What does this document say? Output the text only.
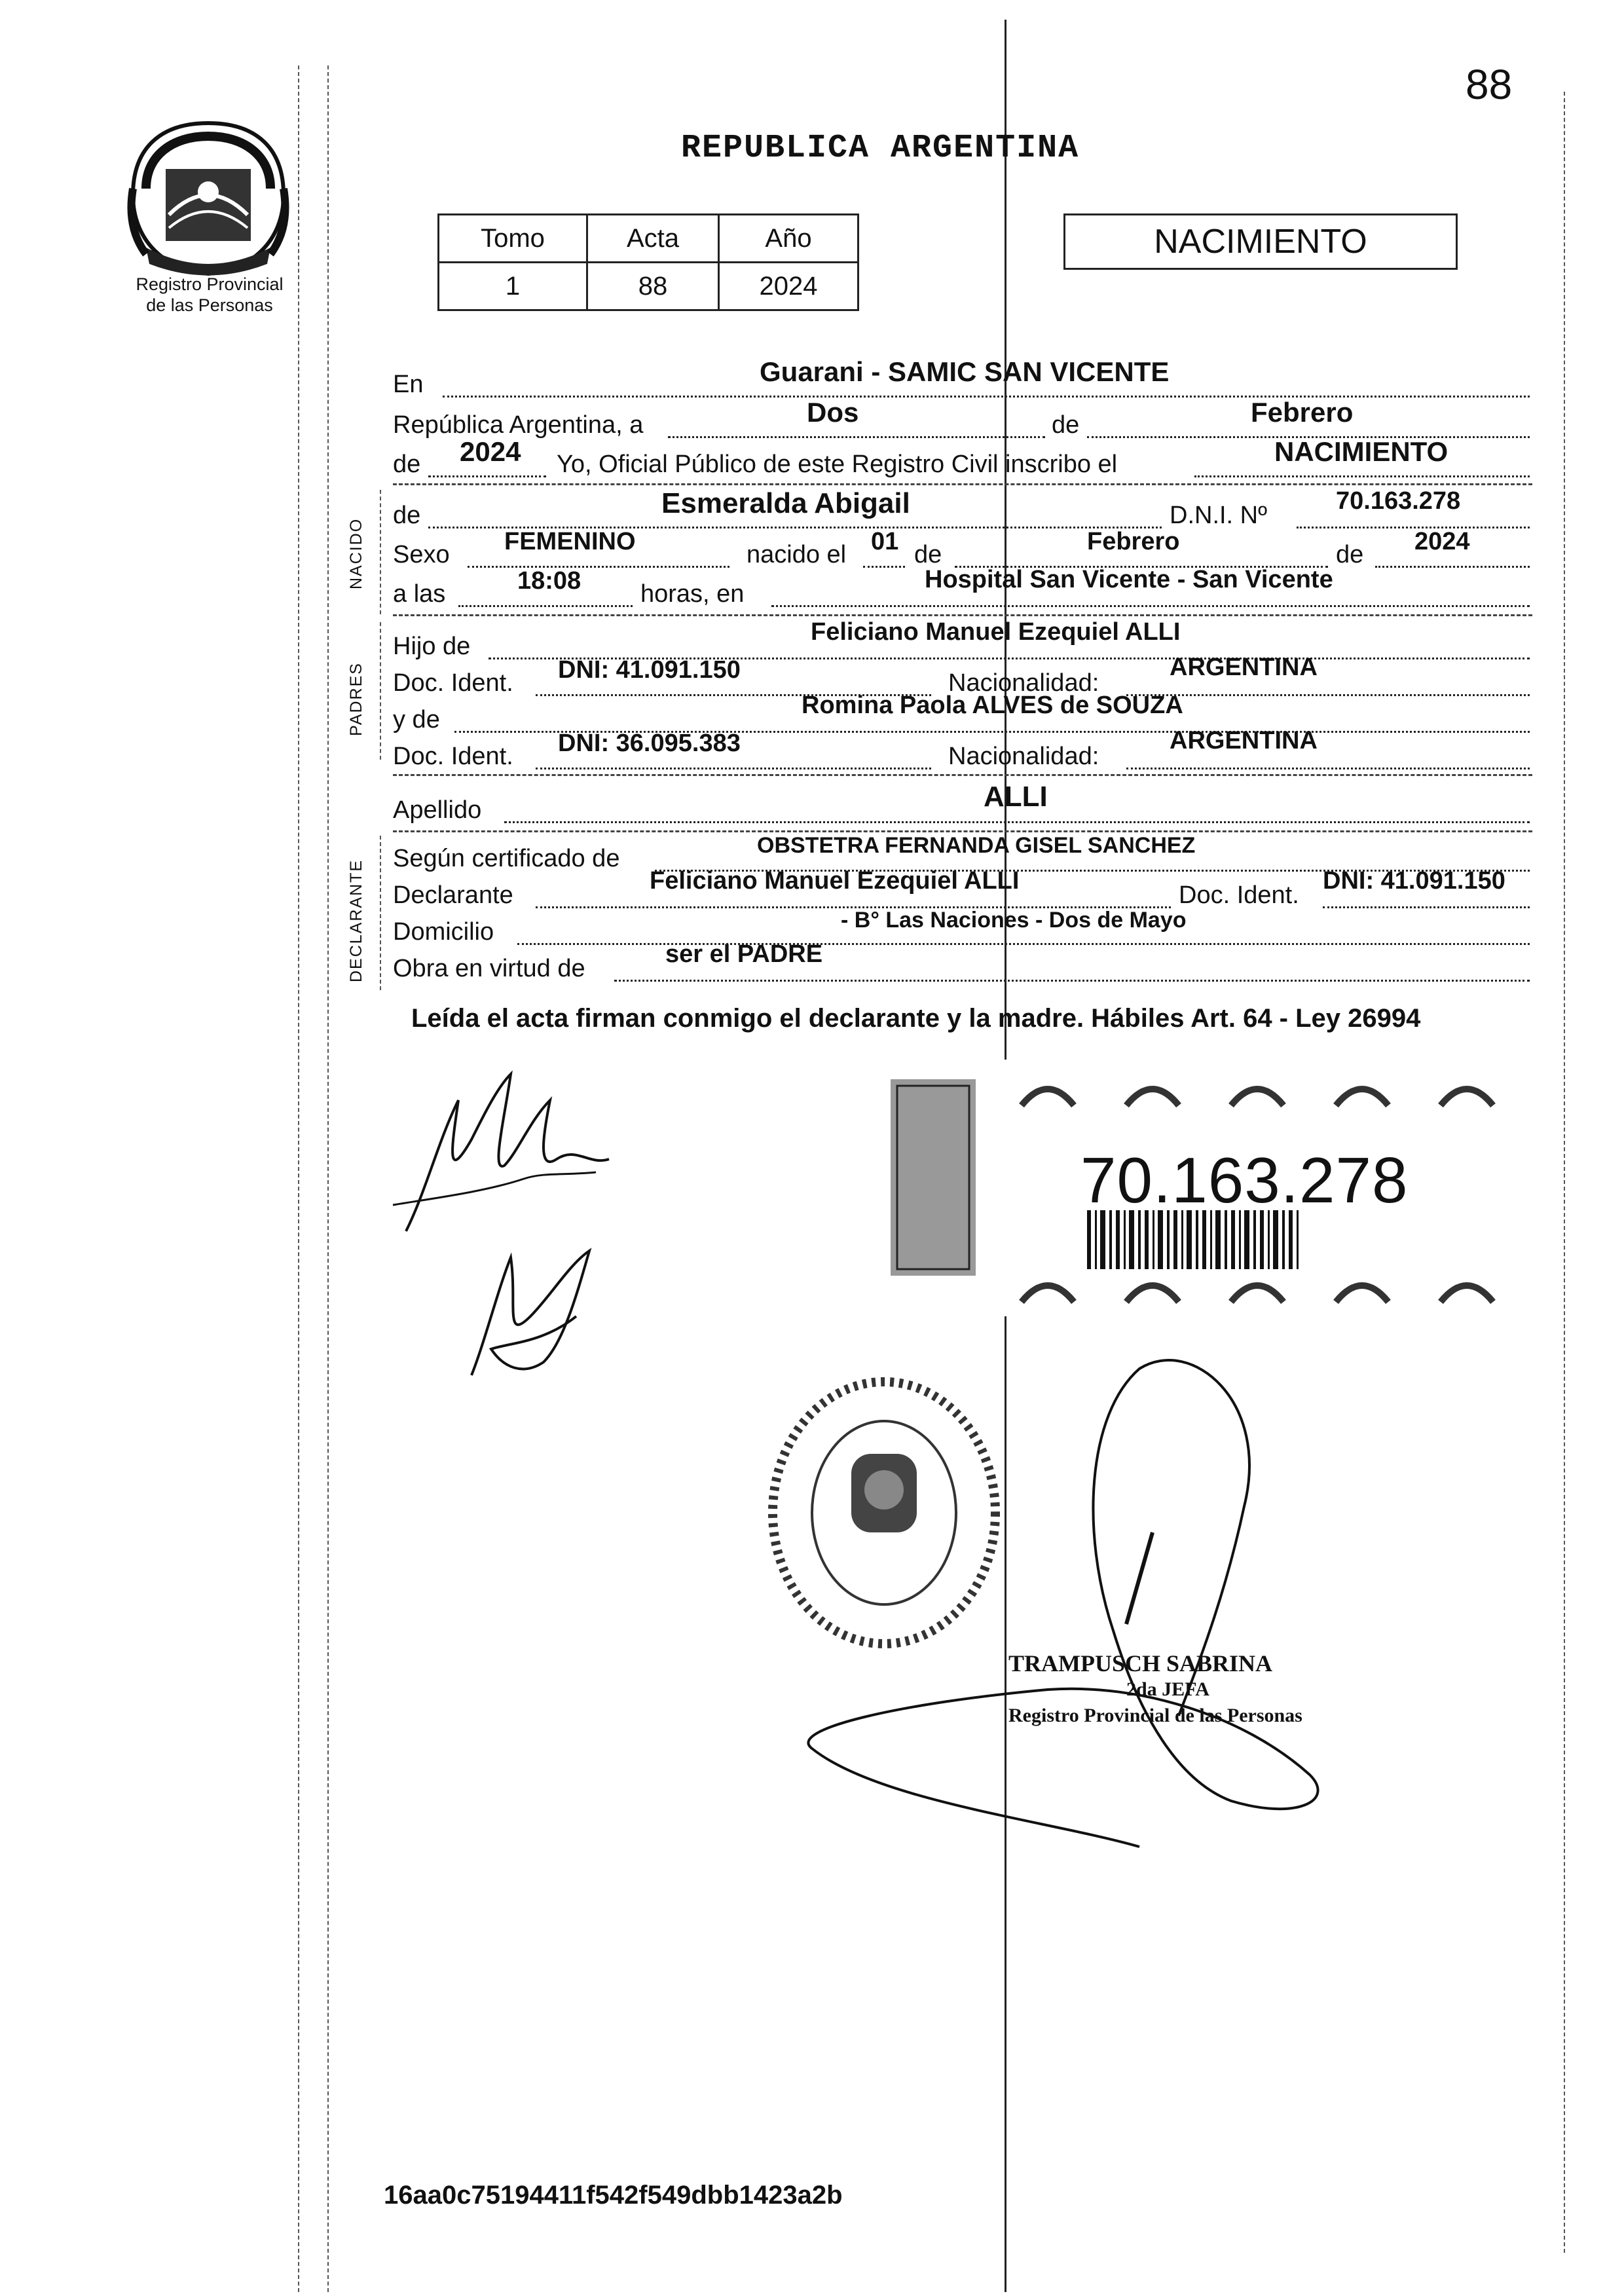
88
Registro Provincial
de las Personas
REPUBLICA ARGENTINA
Tomo	Acta	Año
1	88	2024
NACIMIENTO
En	Guarani - SAMIC SAN VICENTE
República Argentina, a	Dos	de	Febrero
de 2024 Yo, Oficial Público de este Registro Civil inscribo el	NACIMIENTO
NACIDO
de	Esmeralda Abigail	D.N.I. Nº
70.163.278
Sexo FEMENINO	nacido el 01 de	Febrero	de 2024
a las	18:08 horas, en
Hospital San Vicente - San Vicente
PADRES
Hijo de
Feliciano Manuel Ezequiel ALLI
Doc. Ident. DNI: 41.091.150	Nacionalidad:
ARGENTINA
y de
Romina Paola ALVES de SOUZA
Doc. Ident. DNI: 36.095.383	Nacionalidad:
ARGENTINA
Apellido	ALLI
DECLARANTE
Según certificado de	OBSTETRA FERNANDA GISEL SANCHEZ
Declarante
Feliciano Manuel Ezequiel ALLI
Doc. Ident.
DNI: 41.091.150
Domicilio	- B° Las Naciones - Dos de Mayo
Obra en virtud de
ser el PADRE
Leída el acta firman conmigo el declarante y la madre. Hábiles Art. 64 - Ley 26994
70.163.278
TRAMPUSCH SABRINA
2da JEFA
Registro Provincial de las Personas
16aa0c75194411f542f549dbb1423a2b
